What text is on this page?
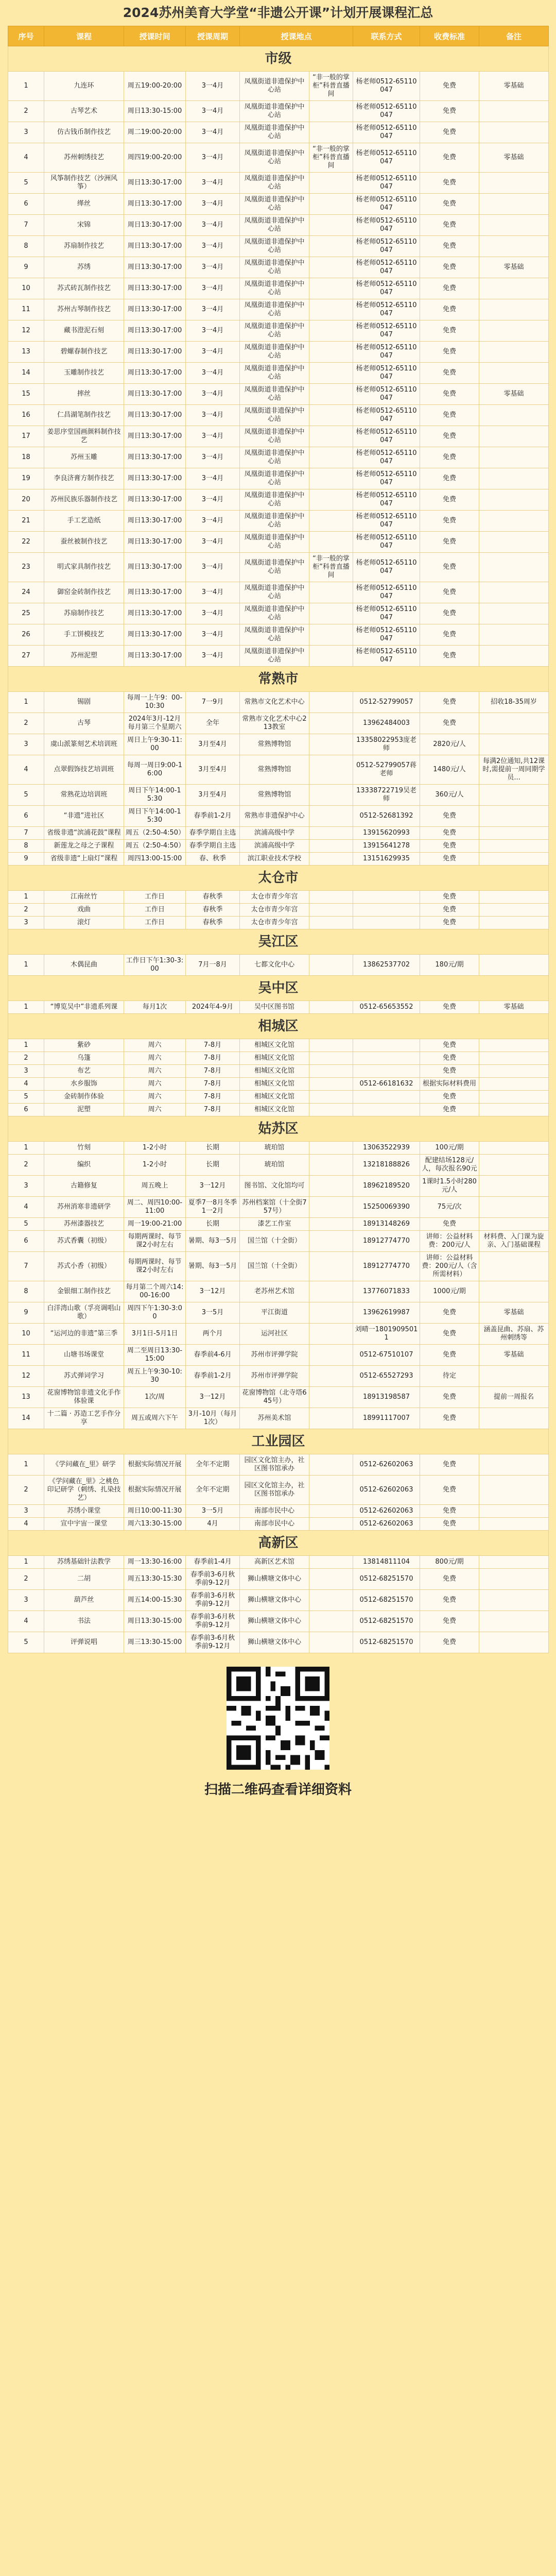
2024苏州美育大学堂“非遗公开课”计划开展课程汇总
序号	课程	授课时间	授课周期	授课地点		联系方式	收费标准	备注
市级								
1	九连环	周五19:00-20:00	3一4月	凤凰街道非遗保护中心站	“非一般的掌柜”科普直播间	杨老师0512-65110047	免费	零基础
2	古琴艺术	周日13:30-15:00	3一4月	凤凰街道非遗保护中心站		杨老师0512-65110047	免费	
3	仿古钱币制作技艺	周二19:00-20:00	3一4月	凤凰街道非遗保护中心站		杨老师0512-65110047	免费	
4	苏州刺绣技艺	周四19:00-20:00	3一4月	凤凰街道非遗保护中心站	“非一般的掌柜”科普直播间	杨老师0512-65110047	免费	零基础
5	风筝制作技艺（沙洲风筝）	周日13:30-17:00	3一4月	凤凰街道非遗保护中心站		杨老师0512-65110047	免费	
6	缂丝	周日13:30-17:00	3一4月	凤凰街道非遗保护中心站		杨老师0512-65110047	免费	
7	宋锦	周日13:30-17:00	3一4月	凤凰街道非遗保护中心站		杨老师0512-65110047	免费	
8	苏扇制作技艺	周日13:30-17:00	3一4月	凤凰街道非遗保护中心站		杨老师0512-65110047	免费	
9	苏绣	周日13:30-17:00	3一4月	凤凰街道非遗保护中心站		杨老师0512-65110047	免费	零基础
10	苏式砖瓦制作技艺	周日13:30-17:00	3一4月	凤凰街道非遗保护中心站		杨老师0512-65110047	免费	
11	苏州古琴制作技艺	周日13:30-17:00	3一4月	凤凰街道非遗保护中心站		杨老师0512-65110047	免费	
12	藏书澄泥石刻	周日13:30-17:00	3一4月	凤凰街道非遗保护中心站		杨老师0512-65110047	免费	
13	碧螺春制作技艺	周日13:30-17:00	3一4月	凤凰街道非遗保护中心站		杨老师0512-65110047	免费	
14	玉雕制作技艺	周日13:30-17:00	3一4月	凤凰街道非遗保护中心站		杨老师0512-65110047	免费	
15	摔丝	周日13:30-17:00	3一4月	凤凰街道非遗保护中心站		杨老师0512-65110047	免费	零基础
16	仁昌湖笔制作技艺	周日13:30-17:00	3一4月	凤凰街道非遗保护中心站		杨老师0512-65110047	免费	
17	姜思序堂国画颜料制作技艺	周日13:30-17:00	3一4月	凤凰街道非遗保护中心站		杨老师0512-65110047	免费	
18	苏州玉雕	周日13:30-17:00	3一4月	凤凰街道非遗保护中心站		杨老师0512-65110047	免费	
19	李良济膏方制作技艺	周日13:30-17:00	3一4月	凤凰街道非遗保护中心站		杨老师0512-65110047	免费	
20	苏州民族乐器制作技艺	周日13:30-17:00	3一4月	凤凰街道非遗保护中心站		杨老师0512-65110047	免费	
21	手工艺造纸	周日13:30-17:00	3一4月	凤凰街道非遗保护中心站		杨老师0512-65110047	免费	
22	蚕丝被制作技艺	周日13:30-17:00	3一4月	凤凰街道非遗保护中心站		杨老师0512-65110047	免费	
23	明式家具制作技艺	周日13:30-17:00	3一4月	凤凰街道非遗保护中心站	“非一般的掌柜”科普直播间	杨老师0512-65110047	免费	
24	御窑金砖制作技艺	周日13:30-17:00	3一4月	凤凰街道非遗保护中心站		杨老师0512-65110047	免费	
25	苏扇制作技艺	周日13:30-17:00	3一4月	凤凰街道非遗保护中心站		杨老师0512-65110047	免费	
26	手工饼模技艺	周日13:30-17:00	3一4月	凤凰街道非遗保护中心站		杨老师0512-65110047	免费	
27	苏州泥塑	周日13:30-17:00	3一4月	凤凰街道非遗保护中心站		杨老师0512-65110047	免费	
常熟市								
1	锡剧	每周一上午9：00-10:30	7一9月	常熟市文化艺术中心		0512-52799057	免费	招收18-35周岁
2	古琴	2024年3月-12月每月第三个星期六	全年	常熟市文化艺术中心213教室		13962484003	免费	
3	虞山派篆刻艺术培训班	周日上午9:30-11:00	3月至4月	常熟博物馆		13358022953庞老师	2820元/人	
4	点翠假饰技艺培训班	每周一周日9:00-16:00	3月至4月	常熟博物馆		0512-52799057蒋老师	1480元/人	每满2位通知,共12课时,需提前一周同期学员...
5	常熟花边培训班	周日下午14:00-15:30	3月至4月	常熟博物馆		13338722719吴老师	360元/人	
6	“非遗”进社区	周日下午14:00-15:30	春季前1-2月	常熟市非遗保护中心		0512-52681392	免费	
7	省级非遗“滨浦花鼓”课程	周五（2:50-4:50）	春季学期自主选	滨浦高级中学		13915620993	免费	
8	新莲龙之母之子课程	周五（2:50-4:50）	春季学期自主选	滨浦高级中学		13915641278	免费	
9	省级非遗“上扇灯”课程	周四13:00-15:00	春、秋季	滨江职业技术学校		13151629935	免费	
太仓市								
1	江南丝竹	工作日	春秋季	太仓市青少年宫			免费	
2	戏曲	工作日	春秋季	太仓市青少年宫			免费	
3	滚灯	工作日	春秋季	太仓市青少年宫			免费	
吴江区								
1	木偶昆曲	工作日下午1:30-3:00	7月一8月	七都文化中心		13862537702	180元/期	
吴中区								
1	“博览吴中”非遗系列课	每月1次	2024年4-9月	吴中区图书馆		0512-65653552	免费	零基础
相城区								
1	紫砂	周六	7-8月	相城区文化馆			免费	
2	乌篷	周六	7-8月	相城区文化馆			免费	
3	布艺	周六	7-8月	相城区文化馆			免费	
4	水乡服饰	周六	7-8月	相城区文化馆		0512-66181632	根据实际材料费用	
5	金砖制作体验	周六	7-8月	相城区文化馆			免费	
6	泥塑	周六	7-8月	相城区文化馆			免费	
姑苏区								
1	竹刻	1-2小时	长期	琥珀馆		13063522939	100元/期	
2	编织	1-2小时	长期	琥珀馆		13218188826	配建结场128元/人，每次报名90元	
3	古籍修复	周五晚上	3一12月	图书馆、文化馆均可		18962189520	1课时1.5小时280元/人	
4	苏州消寒非遗研学	周二、周四10:00-11:00	夏季7一8月冬季1一2月	苏州档案馆（十全街757号）		15250069390	75元/次	
5	苏州漆器技艺	周一19:00-21:00	长期	漆艺工作室		18913148269	免费	
6	苏式香囊（初级）	每期两课时、每节课2小时左右	暑期、每3一5月	国兰馆（十全街）		18912774770	讲师：公益材料费：200元/人	材料费、入门课为旋亲、入门基础课程
7	苏式小香（初级）	每期两课时、每节课2小时左右	暑期、每3一5月	国兰馆（十全街）		18912774770	讲师：公益材料费：200元/人（含所需材料）	
8	金银细工制作技艺	每月第二个周六14:00-16:00	3一12月	老苏州艺术馆		13776071833	1000元/期	
9	白洋湾山歌（孚亮调唱山歌）	周四下午1:30-3:00	3一5月	平江街道		13962619987	免费	零基础
10	“运河边的非遗”第三季	3月1日-5月1日	两个月	运河社区		刘晴一18019095011	免费	涵盖昆曲、苏扇、苏州刺绣等
11	山塘书场课堂	周二至周日13:30-15:00	春季前4-6月	苏州市评弹学院		0512-67510107	免费	零基础
12	苏式弹词学习	周五上午9:30-10:30	春季前1-2月	苏州市评弹学院		0512-65527293	待定	
13	花窗博物馆非遗文化手作体验课	1次/周	3一12月	花窗博物馆（北寺塔645号）		18913198587	免费	提前一周报名
14	十二篇 · 苏造工艺手作分享	周五或周六下午	3月-10月（每月1次）	苏州美术馆		18991117007	免费	
工业园区								
1	《学问藏在_里》研学	根据实际情况开展	全年不定期	园区文化馆主办，社区图书馆承办		0512-62602063	免费	
2	《学问藏在_里》之桃色印记研学（刺绣、扎染技艺）	根据实际情况开展	全年不定期	园区文化馆主办，社区图书馆承办		0512-62602063	免费	
3	苏绣小课堂	周日10:00-11:30	3一5月	南部市民中心		0512-62602063	免费	
4	宣中宇宙一课堂	周六13:30-15:00	4月	南部市民中心		0512-62602063	免费	
高新区								
1	苏绣基础针法教学	周一13:30-16:00	春季前1-4月	高新区艺术馆		13814811104	800元/期	
2	二胡	周五13:30-15:30	春季前3-6月秋季前9-12月	狮山横塘文体中心		0512-68251570	免费	
3	葫芦丝	周五14:00-15:30	春季前3-6月秋季前9-12月	狮山横塘文体中心		0512-68251570	免费	
4	书法	周日13:30-15:00	春季前3-6月秋季前9-12月	狮山横塘文体中心		0512-68251570	免费	
5	评弹说唱	周三13:30-15:00	春季前3-6月秋季前9-12月	狮山横塘文体中心		0512-68251570	免费	
扫描二维码查看详细资料
